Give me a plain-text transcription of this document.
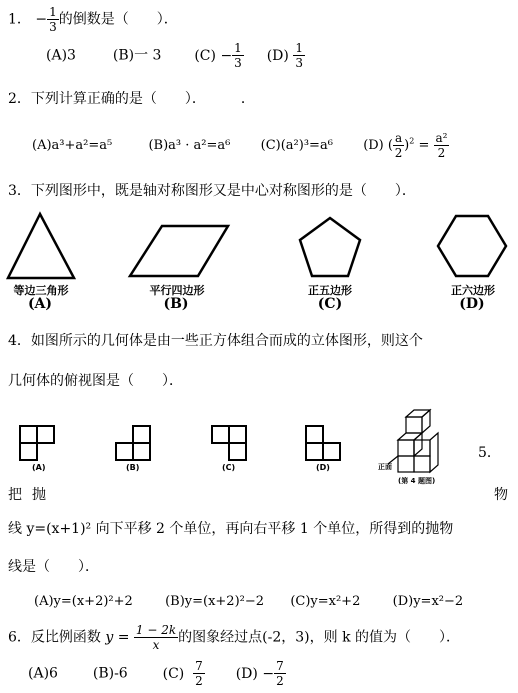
1． − $\frac{1}{3}$ 的倒数是（　　）．
(A)3	(B)一 3 $(C) - \frac{1}{3} (D) \frac{1}{3}$
2．下列计算正确的是（　　）．　　　．
(A)a³+a²=a⁵	(B)a³ · a²=a⁶ (C)(a²)³=a⁶ (D) ( $\frac{a}{2} )^2 = \frac{\text{a²}}{2}$
3．下列图形中，既是轴对称图形又是中心对称图形的是（　　）．
等边三角形	平行四边形	正五边形	正六边形
(A)	(B)	(C)	(D)
4．如图所示的几何体是由一些正方体组合而成的立体图形，则这个
几何体的俯视图是（　　）．
(A)	(B)	(C)	(D)	正面
(第 4 题图)
5．
把 抛	物
线 y=(x+1)² 向下平移 2 个单位，再向右平移 1 个单位，所得到的抛物
线是（　　）．
(A)y=(x+2)²+2 (B)y=(x+2)²−2 (C)y=x²+2 (D)y=x²−2
6．反比例函数 $y = \frac{1 - 2k}{x}$ 的图象经过点(-2，3)，则 k 的值为（　　）．
(A)6 (B)-6 $(C) \frac{7}{2} (D) - \frac{7}{2}$
